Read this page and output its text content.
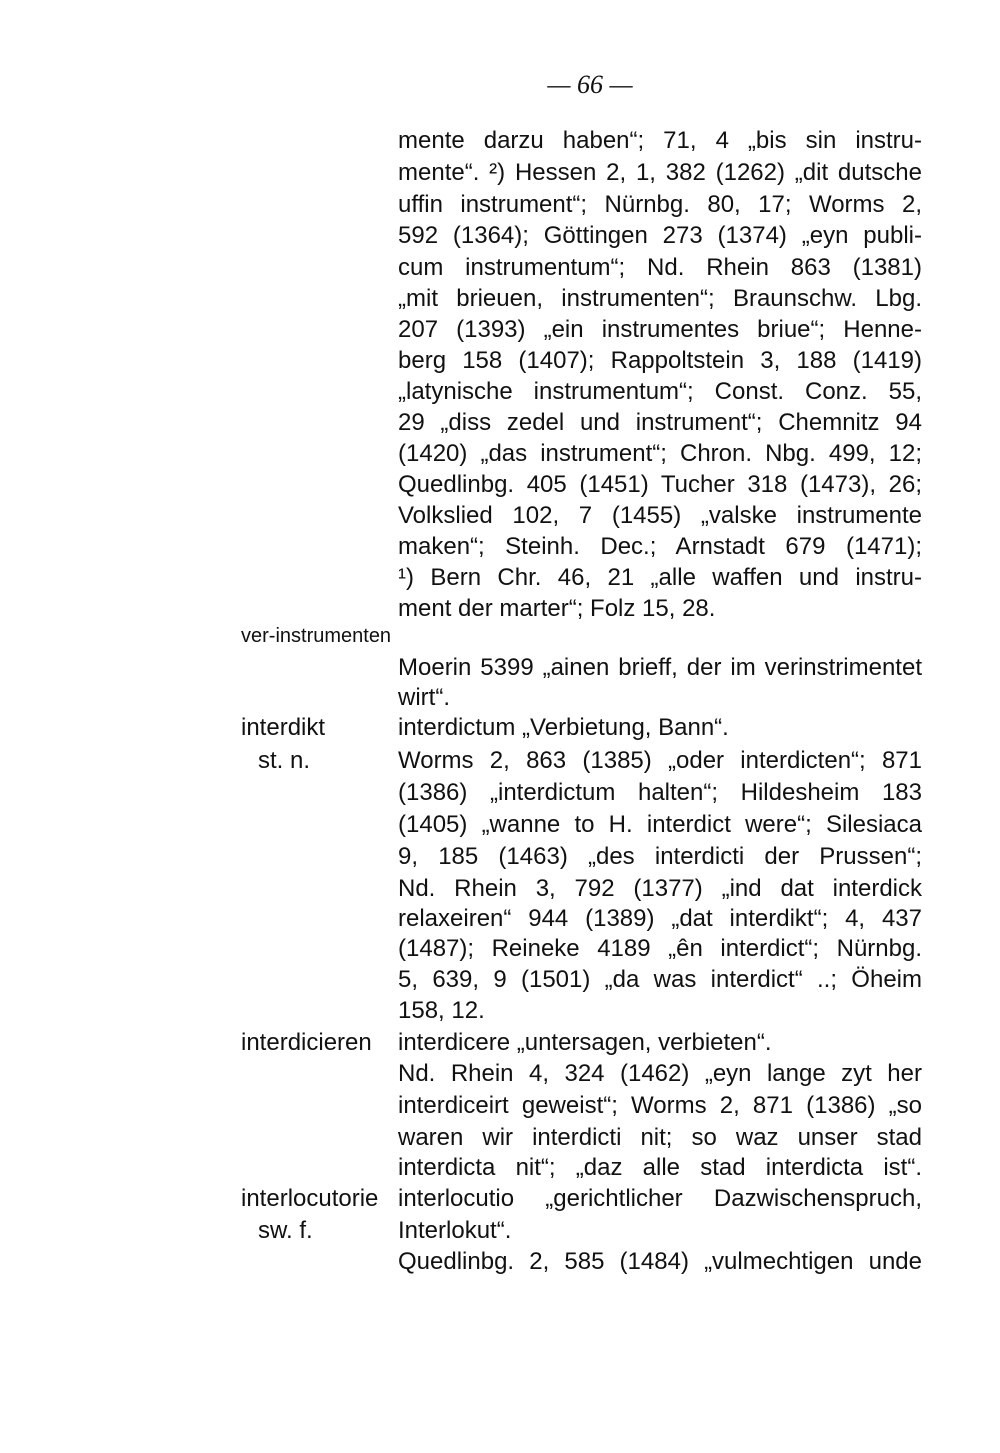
— 66 —
mente darzu haben“; 71, 4 „bis sin instru-
mente“. ²) Hessen 2, 1, 382 (1262) „dit dutsche
uffin instrument“; Nürnbg. 80, 17; Worms 2,
592 (1364); Göttingen 273 (1374) „eyn publi-
cum instrumentum“; Nd. Rhein 863 (1381)
„mit brieuen, instrumenten“; Braunschw. Lbg.
207 (1393) „ein instrumentes briue“; Henne-
berg 158 (1407); Rappoltstein 3, 188 (1419)
„latynische instrumentum“; Const. Conz. 55,
29 „diss zedel und instrument“; Chemnitz 94
(1420) „das instrument“; Chron. Nbg. 499, 12;
Quedlinbg. 405 (1451) Tucher 318 (1473), 26;
Volkslied 102, 7 (1455) „valske instrumente
maken“; Steinh. Dec.; Arnstadt 679 (1471);
¹) Bern Chr. 46, 21 „alle waffen und instru-
ment der marter“; Folz 15, 28.
ver-instrumenten
Moerin 5399 „ainen brieff, der im verinstrimentet
wirt“.
interdikt	interdictum „Verbietung, Bann“.
st. n.	Worms 2, 863 (1385) „oder interdicten“; 871
(1386) „interdictum halten“; Hildesheim 183
(1405) „wanne to H. interdict were“; Silesiaca
9, 185 (1463) „des interdicti der Prussen“;
Nd. Rhein 3, 792 (1377) „ind dat interdick
relaxeiren“ 944 (1389) „dat interdikt“; 4, 437
(1487); Reineke 4189 „ên interdict“; Nürnbg.
5, 639, 9 (1501) „da was interdict“ ..; Öheim
158, 12.
interdicieren interdicere „untersagen, verbieten“.
Nd. Rhein 4, 324 (1462) „eyn lange zyt her
interdiceirt geweist“; Worms 2, 871 (1386) „so
waren wir interdicti nit; so waz unser stad
interdicta nit“; „daz alle stad interdicta ist“.
interlocutorie interlocutio „gerichtlicher Dazwischenspruch,
sw. f.	Interlokut“.
Quedlinbg. 2, 585 (1484) „vulmechtigen unde
